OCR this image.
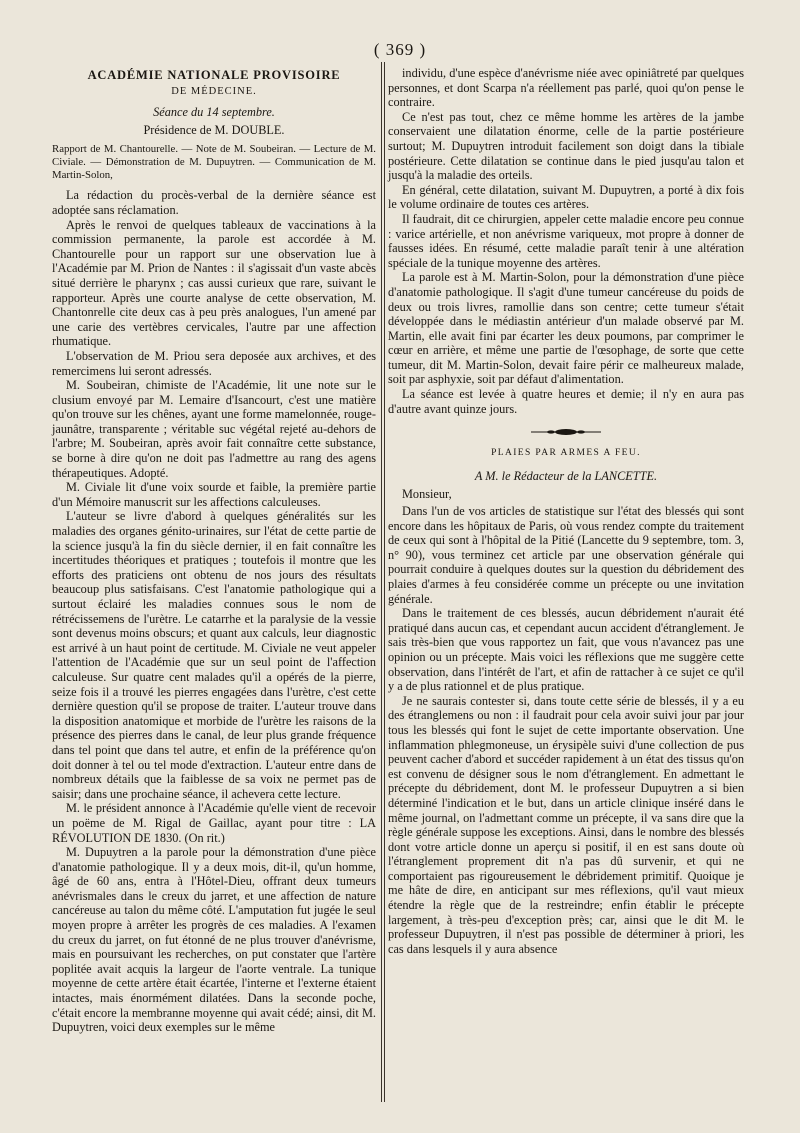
( 369 )

ACADÉMIE NATIONALE PROVISOIRE

DE MÉDECINE.

Séance du 14 septembre.

Présidence de M. DOUBLE.

Rapport de M. Chantourelle. — Note de M. Soubeiran. — Lecture de M. Civiale. — Démonstration de M. Dupuytren. — Communication de M. Martin-Solon,

La rédaction du procès-verbal de la dernière séance est adoptée sans réclamation.

Après le renvoi de quelques tableaux de vaccinations à la commission permanente, la parole est accordée à M. Chantourelle pour un rapport sur une observation lue à l'Académie par M. Prion de Nantes : il s'agissait d'un vaste abcès situé derrière le pharynx ; cas aussi curieux que rare, suivant le rapporteur. Après une courte analyse de cette observation, M. Chantonrelle cite deux cas à peu près analogues, l'un amené par une carie des vertèbres cervicales, l'autre par une affection rhumatique.

L'observation de M. Priou sera deposée aux archives, et des remercimens lui seront adressés.

M. Soubeiran, chimiste de l'Académie, lit une note sur le clusium envoyé par M. Lemaire d'Isancourt, c'est une matière qu'on trouve sur les chênes, ayant une forme mamelonnée, rouge-jaunâtre, transparente ; véritable suc végétal rejeté au-dehors de l'arbre; M. Soubeiran, après avoir fait connaître cette substance, se borne à dire qu'on ne doit pas l'admettre au rang des agens thérapeutiques. Adopté.

M. Civiale lit d'une voix sourde et faible, la première partie d'un Mémoire manuscrit sur les affections calculeuses.

L'auteur se livre d'abord à quelques généralités sur les maladies des organes génito-urinaires, sur l'état de cette partie de la science jusqu'à la fin du siècle dernier, il en fait connaître les incertitudes théoriques et pratiques ; toutefois il montre que les efforts des praticiens ont obtenu de nos jours des résultats beaucoup plus satisfaisans. C'est l'anatomie pathologique qui a surtout éclairé les maladies connues sous le nom de rétrécissemens de l'urètre. Le catarrhe et la paralysie de la vessie sont devenus moins obscurs; et quant aux calculs, leur diagnostic est arrivé à un haut point de certitude. M. Civiale ne veut appeler l'attention de l'Académie que sur un seul point de l'affection calculeuse. Sur quatre cent malades qu'il a opérés de la pierre, seize fois il a trouvé les pierres engagées dans l'urètre, c'est cette dernière question qu'il se propose de traiter. L'auteur trouve dans la disposition anatomique et morbide de l'urètre les raisons de la présence des pierres dans le canal, de leur plus grande fréquence dans tel point que dans tel autre, et enfin de la préférence qu'on doit donner à tel ou tel mode d'extraction. L'auteur entre dans de nombreux détails que la faiblesse de sa voix ne permet pas de saisir; dans une prochaine séance, il achevera cette lecture.

M. le président annonce à l'Académie qu'elle vient de recevoir un poëme de M. Rigal de Gaillac, ayant pour titre : LA RÉVOLUTION DE 1830. (On rit.)

M. Dupuytren a la parole pour la démonstration d'une pièce d'anatomie pathologique. Il y a deux mois, dit-il, qu'un homme, âgé de 60 ans, entra à l'Hôtel-Dieu, offrant deux tumeurs anévrismales dans le creux du jarret, et une affection de nature cancéreuse au talon du même côté. L'amputation fut jugée le seul moyen propre à arrêter les progrès de ces maladies. A l'examen du creux du jarret, on fut étonné de ne plus trouver d'anévrisme, mais en poursuivant les recherches, on put constater que l'artère poplitée avait acquis la largeur de l'aorte ventrale. La tunique moyenne de cette artère était écartée, l'interne et l'externe étaient intactes, mais énormément dilatées. Dans la seconde poche, c'était encore la membranne moyenne qui avait cédé; ainsi, dit M. Dupuytren, voici deux exemples sur le même

individu, d'une espèce d'anévrisme niée avec opiniâtreté par quelques personnes, et dont Scarpa n'a réellement pas parlé, quoi qu'on pense le contraire.

Ce n'est pas tout, chez ce même homme les artères de la jambe conservaient une dilatation énorme, celle de la partie postérieure surtout; M. Dupuytren introduit facilement son doigt dans la tibiale postérieure. Cette dilatation se continue dans le pied jusqu'au talon et jusqu'à la maladie des orteils.

En général, cette dilatation, suivant M. Dupuytren, a porté à dix fois le volume ordinaire de toutes ces artères.

Il faudrait, dit ce chirurgien, appeler cette maladie encore peu connue : varice artérielle, et non anévrisme variqueux, mot propre à donner de fausses idées. En résumé, cette maladie paraît tenir à une altération spéciale de la tunique moyenne des artères.

La parole est à M. Martin-Solon, pour la démonstration d'une pièce d'anatomie pathologique. Il s'agit d'une tumeur cancéreuse du poids de deux ou trois livres, ramollie dans son centre; cette tumeur s'était développée dans le médiastin antérieur d'un malade observé par M. Martin, elle avait fini par écarter les deux poumons, par comprimer le cœur en arrière, et même une partie de l'œsophage, de sorte que cette tumeur, dit M. Martin-Solon, devait faire périr ce malheureux malade, soit par asphyxie, soit par défaut d'alimentation.

La séance est levée à quatre heures et demie; il n'y en aura pas d'autre avant quinze jours.

PLAIES PAR ARMES A FEU.

A M. le Rédacteur de la LANCETTE.

Monsieur,

Dans l'un de vos articles de statistique sur l'état des blessés qui sont encore dans les hôpitaux de Paris, où vous rendez compte du traitement de ceux qui sont à l'hôpital de la Pitié (Lancette du 9 septembre, tom. 3, n° 90), vous terminez cet article par une observation générale qui pourrait conduire à quelques doutes sur la question du débridement des plaies d'armes à feu considérée comme un précepte ou une invitation générale.

Dans le traitement de ces blessés, aucun débridement n'aurait été pratiqué dans aucun cas, et cependant aucun accident d'étranglement. Je sais très-bien que vous rapportez un fait, que vous n'avancez pas une opinion ou un précepte. Mais voici les réflexions que me suggère cette observation, dans l'intérêt de l'art, et afin de rattacher à ce sujet ce qu'il y a de plus rationnel et de plus pratique.

Je ne saurais contester si, dans toute cette série de blessés, il y a eu des étranglemens ou non : il faudrait pour cela avoir suivi jour par jour tous les blessés qui font le sujet de cette importante observation. Une inflammation phlegmoneuse, un érysipèle suivi d'une collection de pus peuvent cacher d'abord et succéder rapidement à un état des tissus qu'on est convenu de désigner sous le nom d'étranglement. En admettant le précepte du débridement, dont M. le professeur Dupuytren a si bien déterminé l'indication et le but, dans un article clinique inséré dans le même journal, on l'admettant comme un précepte, il va sans dire que la règle générale suppose les exceptions. Ainsi, dans le nombre des blessés dont votre article donne un aperçu si positif, il en est sans doute où l'étranglement proprement dit n'a pas dû survenir, et qui ne comportaient pas rigoureusement le débridement primitif. Quoique je me hâte de dire, en anticipant sur mes réflexions, qu'il vaut mieux étendre la règle que de la restreindre; enfin établir le précepte largement, à très-peu d'exception près; car, ainsi que le dit M. le professeur Dupuytren, il n'est pas possible de déterminer à priori, les cas dans lesquels il y aura absence
